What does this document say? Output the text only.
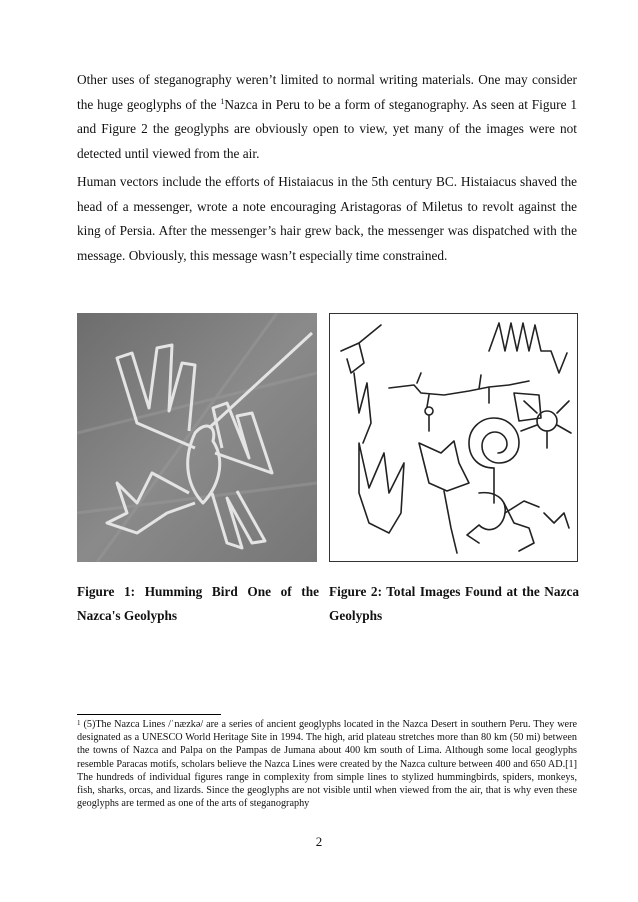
Other uses of steganography weren’t limited to normal writing materials. One may consider the huge geoglyphs of the $^1$Nazca in Peru to be a form of steganography. As seen at Figure 1 and Figure 2 the geoglyphs are obviously open to view, yet many of the images were not detected until viewed from the air.

Human vectors include the efforts of Histaiacus in the 5th century BC. Histaiacus shaved the head of a messenger, wrote a note encouraging Aristagoras of Miletus to revolt against the king of Persia. After the messenger’s hair grew back, the messenger was dispatched with the message. Obviously, this message wasn’t especially time constrained.

Figure 1: Humming Bird One of the Nazca's Geolyphs

Figure 2: Total Images Found at the Nazca Geolyphs

$^1$ (5)The Nazca Lines /ˈnæzkə/ are a series of ancient geoglyphs located in the Nazca Desert in southern Peru. They were designated as a UNESCO World Heritage Site in 1994. The high, arid plateau stretches more than 80 km (50 mi) between the towns of Nazca and Palpa on the Pampas de Jumana about 400 km south of Lima. Although some local geoglyphs resemble Paracas motifs, scholars believe the Nazca Lines were created by the Nazca culture between 400 and 650 AD.[1] The hundreds of individual figures range in complexity from simple lines to stylized hummingbirds, spiders, monkeys, fish, sharks, orcas, and lizards. Since the geoglyphs are not visible until when viewed from the air, that is why even these geoglyphs are termed as one of the arts of steganography

2
